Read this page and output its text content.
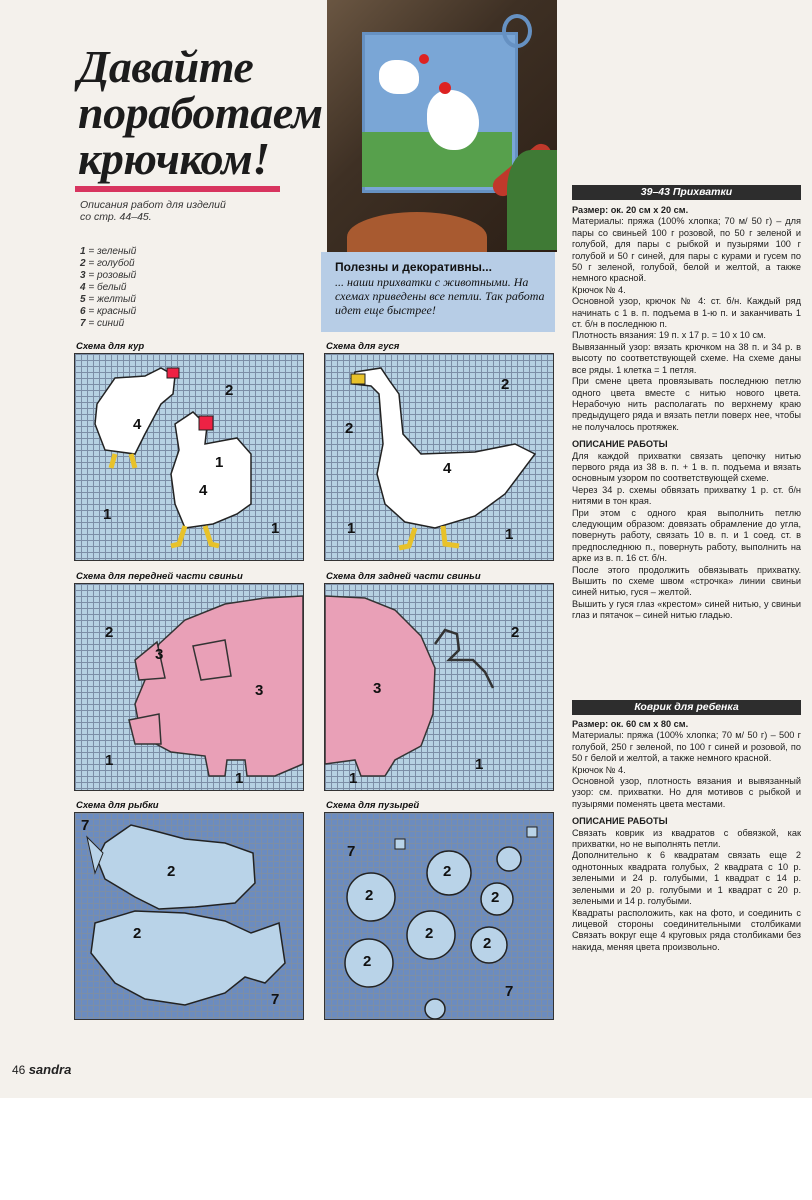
Давайте
поработаем
крючком!
Описания работ для изделий со стр. 44–45.
1 = зеленый
2 = голубой
3 = розовый
4 = белый
5 = желтый
6 = красный
7 = синий
Полезны и декоративны...
... наши прихватки с животными. На схемах приведены все петли. Так работа идет еще быстрее!
Схема для кур	Схема для гуся
Схема для передней части свиньи	Схема для задней части свиньи
Схема для рыбки	Схема для пузырей
2
4
4
1
1
1
2
2
4
1	1
2
3
3
1
1
2
3
1
1
7
2
2
7
7
2
2
2
2
2
2
7
39–43 Прихватки

Размер: ок. 20 см х 20 см.

Материалы: пряжа (100% хлопка; 70 м/ 50 г) – для пары со свиньей 100 г розовой, по 50 г зеленой и голубой, для пары с рыбкой и пузырями 100 г голубой и 50 г синей, для пары с курами и гусем по 50 г зеленой, голубой, белой и желтой, а также немного красной.

Крючок № 4.

Основной узор, крючок № 4: ст. б/н. Каждый ряд начинать с 1 в. п. подъема в 1-ю п. и заканчивать 1 ст. б/н в последнюю п.

Плотность вязания: 19 п. х 17 р. = 10 х 10 см.

Вывязанный узор: вязать крючком на 38 п. и 34 р. в высоту по соответствующей схеме. На схеме даны все ряды. 1 клетка = 1 петля.

При смене цвета провязывать последнюю петлю одного цвета вместе с нитью нового цвета. Нерабочую нить располагать по верхнему краю предыдущего ряда и вязать петли поверх нее, чтобы не получалось протяжек.

ОПИСАНИЕ РАБОТЫ

Для каждой прихватки связать цепочку нитью первого ряда из 38 в. п. + 1 в. п. подъема и вязать основным узором по соответствующей схеме.

Через 34 р. схемы обвязать прихватку 1 р. ст. б/н нитями в тон края.

При этом с одного края выполнить петлю следующим образом: довязать обрамление до угла, повернуть работу, связать 10 в. п. и 1 соед. ст. в предпоследнюю п., повернуть работу, выполнить на арке из в. п. 16 ст. б/н.

После этого продолжить обвязывать прихватку. Вышить по схеме швом «строчка» линии свиньи синей нитью, гуся – желтой.

Вышить у гуся глаз «крестом» синей нитью, у свиньи глаз и пятачок – синей нитью гладью.

Коврик для ребенка

Размер: ок. 60 см х 80 см.

Материалы: пряжа (100% хлопка; 70 м/ 50 г) – 500 г голубой, 250 г зеленой, по 100 г синей и розовой, по 50 г белой и желтой, а также немного красной.

Крючок № 4.

Основной узор, плотность вязания и вывязанный узор: см. прихватки. Но для мотивов с рыбкой и пузырями поменять цвета местами.

ОПИСАНИЕ РАБОТЫ

Связать коврик из квадратов с обвязкой, как прихватки, но не выполнять петли.

Дополнительно к 6 квадратам связать еще 2 однотонных квадрата голубых, 2 квадрата с 10 р. зелеными и 24 р. голубыми, 1 квадрат с 14 р. зелеными и 20 р. голубыми и 1 квадрат с 20 р. зелеными и 14 р. голубыми.

Квадраты расположить, как на фото, и соединить с лицевой стороны соединительными столбиками Связать вокруг еще 4 круговых ряда столбиками без накида, меняя цвета произвольно.

46 sandra
